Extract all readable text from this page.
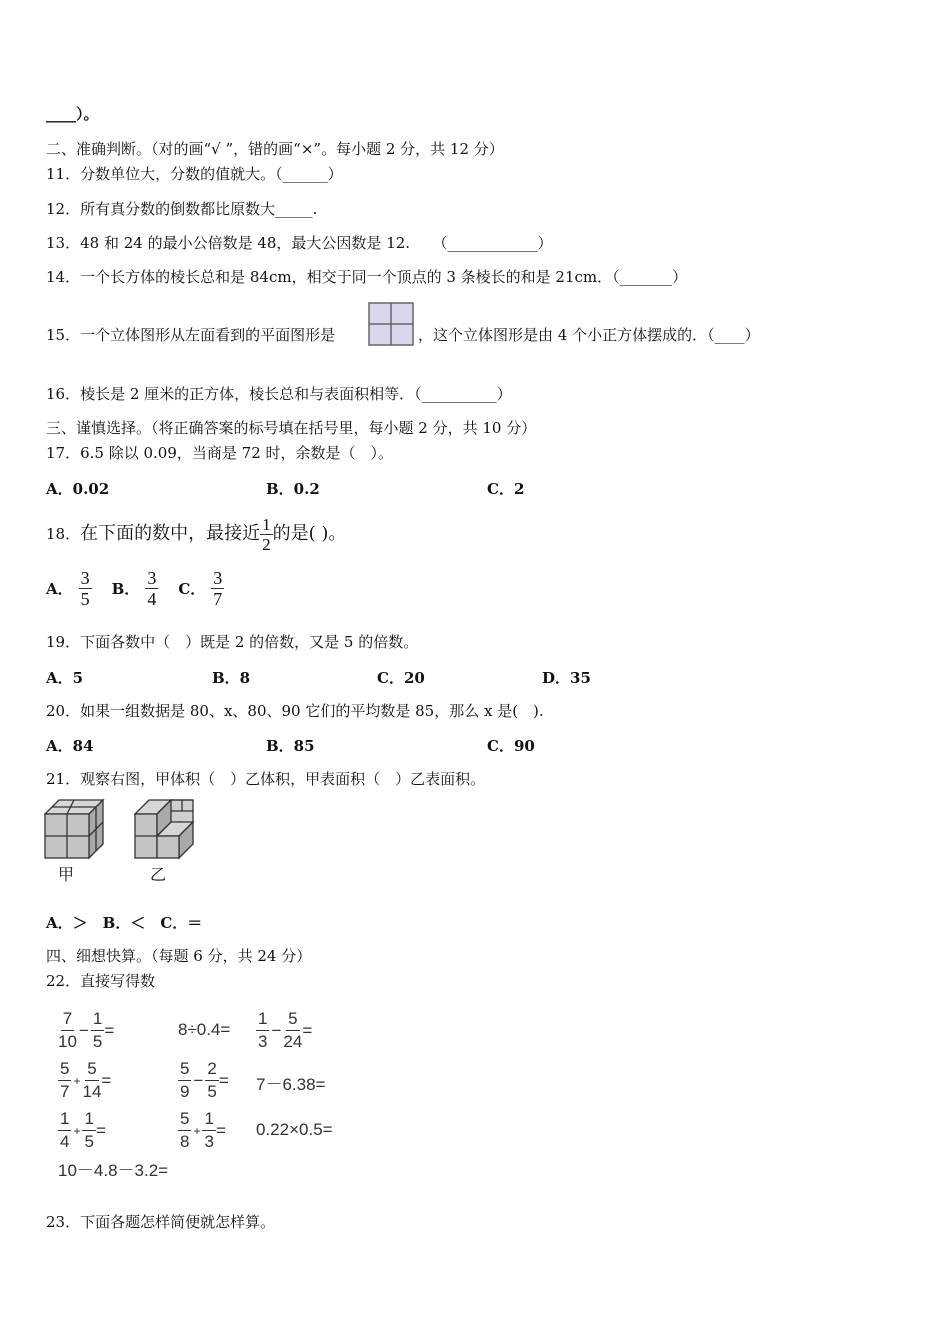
____）。
二、准确判断。（对的画“√ ”，错的画“×”。每小题 2 分，共 12 分）
11．分数单位大，分数的值就大。（______）
12．所有真分数的倒数都比原数大_____.
13．48 和 24 的最小公倍数是 48，最大公因数是 12.　　（____________）
14．一个长方体的棱长总和是 84cm，相交于同一个顶点的 3 条棱长的和是 21cm．（_______）
15．一个立体图形从左面看到的平面图形是	，这个立体图形是由 4 个小正方体摆成的．（____）
16．棱长是 2 厘米的正方体，棱长总和与表面积相等．（__________）
三、谨慎选择。（将正确答案的标号填在括号里，每小题 2 分，共 10 分）
17．6.5 除以 0.09，当商是 72 时，余数是（　）。
A．0.02	B．0.2	C．2
18． 在下面的数中，最接近 $\frac{1}{2}$ 的是( )。
A． $\frac{3}{5}$ B． $\frac{3}{4}$ C． $\frac{3}{7}$
19．下面各数中（　）既是 2 的倍数，又是 5 的倍数。
A．5	B．8	C．20	D．35
20．如果一组数据是 80、x、80、90 它们的平均数是 85，那么 x 是(　).
A．84	B．85	C．90
21．观察右图，甲体积（　）乙体积，甲表面积（　）乙表面积。
甲	乙
A．＞　B．＜　C．＝
四、细想快算。（每题 6 分，共 24 分）
22．直接写得数
$\frac{7}{10} - \frac{1}{5}$ =	$8\div 0.4= \frac{1}{3} - \frac{5}{24}$ =
$\frac{5}{7} + \frac{5}{14}$ =	$\frac{5}{9} - \frac{2}{5} = 7-6.38=$
$\frac{1}{4} + \frac{1}{5}$ =	$\frac{5}{8} + \frac{1}{3} = 0.22\times 0.5=$
10－4.8－3.2=
23．下面各题怎样简便就怎样算。
